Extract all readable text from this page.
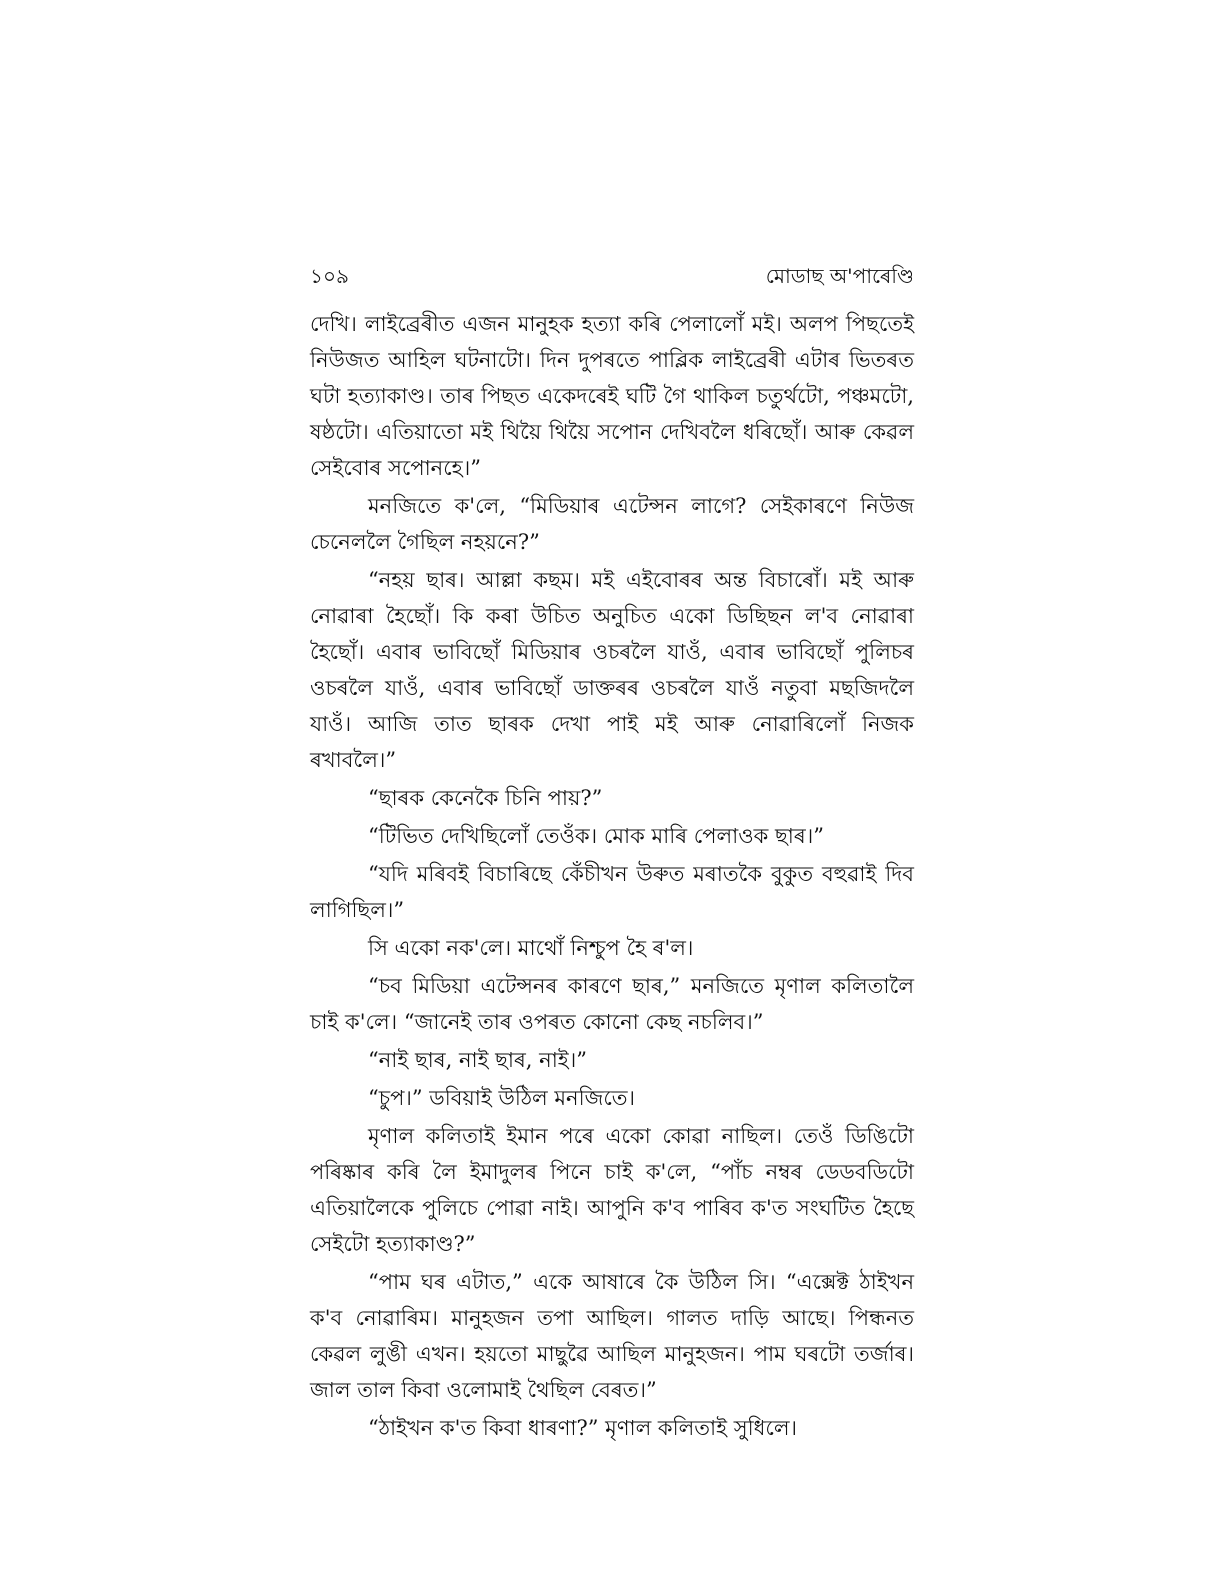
১০৯	মোডাছ অ'পাৰেণ্ডি

দেখি। লাইব্ৰেৰীত এজন মানুহক হত্যা কৰি পেলালোঁ মই। অলপ পিছতেই নিউজত আহিল ঘটনাটো। দিন দুপৰতে পাব্লিক লাইব্ৰেৰী এটাৰ ভিতৰত ঘটা হত্যাকাণ্ড। তাৰ পিছত একেদৰেই ঘটি গৈ থাকিল চতুৰ্থটো, পঞ্চমটো, ষষ্ঠটো। এতিয়াতো মই থিয়ৈ থিয়ৈ সপোন দেখিবলৈ ধৰিছোঁ। আৰু কেৱল সেইবোৰ সপোনহে।”

মনজিতে ক'লে, “মিডিয়াৰ এটেন্সন লাগে? সেইকাৰণে নিউজ চেনেললৈ গৈছিল নহয়নে?”

“নহয় ছাৰ। আল্লা কছম। মই এইবোৰৰ অন্ত বিচাৰোঁ। মই আৰু নোৱাৰা হৈছোঁ। কি কৰা উচিত অনুচিত একো ডিছিছন ল'ব নোৱাৰা হৈছোঁ। এবাৰ ভাবিছোঁ মিডিয়াৰ ওচৰলৈ যাওঁ, এবাৰ ভাবিছোঁ পুলিচৰ ওচৰলৈ যাওঁ, এবাৰ ভাবিছোঁ ডাক্তৰৰ ওচৰলৈ যাওঁ নতুবা মছজিদলৈ যাওঁ। আজি তাত ছাৰক দেখা পাই মই আৰু নোৱাৰিলোঁ নিজক ৰখাবলৈ।”

“ছাৰক কেনেকৈ চিনি পায়?”

“টিভিত দেখিছিলোঁ তেওঁক। মোক মাৰি পেলাওক ছাৰ।”

“যদি মৰিবই বিচাৰিছে কেঁচীখন উৰুত মৰাতকৈ বুকুত বহুৱাই দিব লাগিছিল।”

সি একো নক'লে। মাথোঁ নিশ্চুপ হৈ ৰ'ল।

“চব মিডিয়া এটেন্সনৰ কাৰণে ছাৰ,” মনজিতে মৃণাল কলিতালৈ চাই ক'লে। “জানেই তাৰ ওপৰত কোনো কেছ নচলিব।”

“নাই ছাৰ, নাই ছাৰ, নাই।”

“চুপ।” ডবিয়াই উঠিল মনজিতে।

মৃণাল কলিতাই ইমান পৰে একো কোৱা নাছিল। তেওঁ ডিঙিটো পৰিষ্কাৰ কৰি লৈ ইমাদুলৰ পিনে চাই ক'লে, “পাঁচ নম্বৰ ডেডবডিটো এতিয়ালৈকে পুলিচে পোৱা নাই। আপুনি ক'ব পাৰিব ক'ত সংঘটিত হৈছে সেইটো হত্যাকাণ্ড?”

“পাম ঘৰ এটাত,” একে আষাৰে কৈ উঠিল সি। “এক্সেক্ট ঠাইখন ক'ব নোৱাৰিম। মানুহজন তপা আছিল। গালত দাড়ি আছে। পিন্ধনত কেৱল লুঙী এখন। হয়তো মাছুৱৈ আছিল মানুহজন। পাম ঘৰটো তৰ্জাৰ। জাল তাল কিবা ওলোমাই থৈছিল বেৰত।”

“ঠাইখন ক'ত কিবা ধাৰণা?” মৃণাল কলিতাই সুধিলে।
